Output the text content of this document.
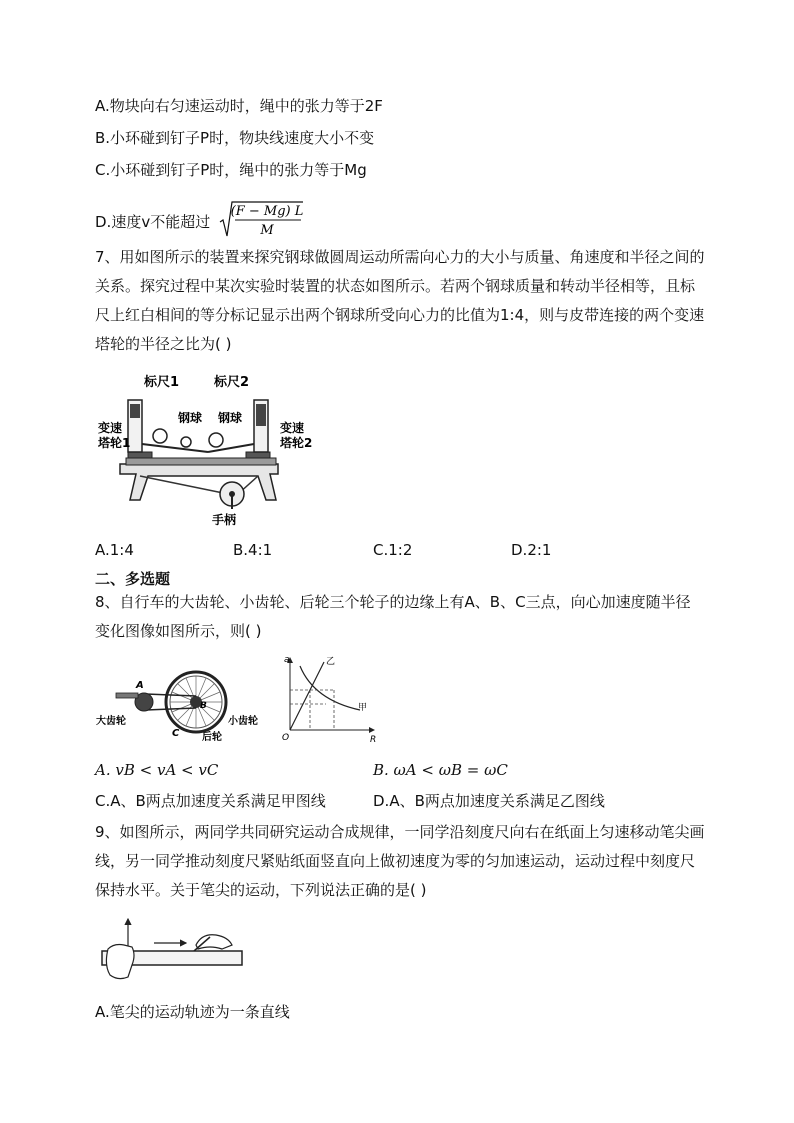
A.物块向右匀速运动时，绳中的张力等于2F
B.小环碰到钉子P时，物块线速度大小不变
C.小环碰到钉子P时，绳中的张力等于Mg
D.速度v不能超过
(F − Mg) L
M
7、用如图所示的装置来探究钢球做圆周运动所需向心力的大小与质量、角速度和半径之间的关系。探究过程中某次实验时装置的状态如图所示。若两个钢球质量和转动半径相等，且标尺上红白相间的等分标记显示出两个钢球所受向心力的比值为1:4，则与皮带连接的两个变速塔轮的半径之比为( )
标尺1	标尺2
钢球 钢球
变速
塔轮1
变速
塔轮2
手柄
A.1:4	B.4:1	C.1:2	D.2:1
二、多选题
8、自行车的大齿轮、小齿轮、后轮三个轮子的边缘上有A、B、C三点，向心加速度随半径变化图像如图所示，则( )
A
B
C
大齿轮	小齿轮
后轮
a
R
O
乙
甲
A. vB < vA < vC	B. ωA < ωB = ωC
C.A、B两点加速度关系满足甲图线	D.A、B两点加速度关系满足乙图线
9、如图所示，两同学共同研究运动合成规律，一同学沿刻度尺向右在纸面上匀速移动笔尖画线，另一同学推动刻度尺紧贴纸面竖直向上做初速度为零的匀加速运动，运动过程中刻度尺保持水平。关于笔尖的运动，下列说法正确的是( )
A.笔尖的运动轨迹为一条直线
